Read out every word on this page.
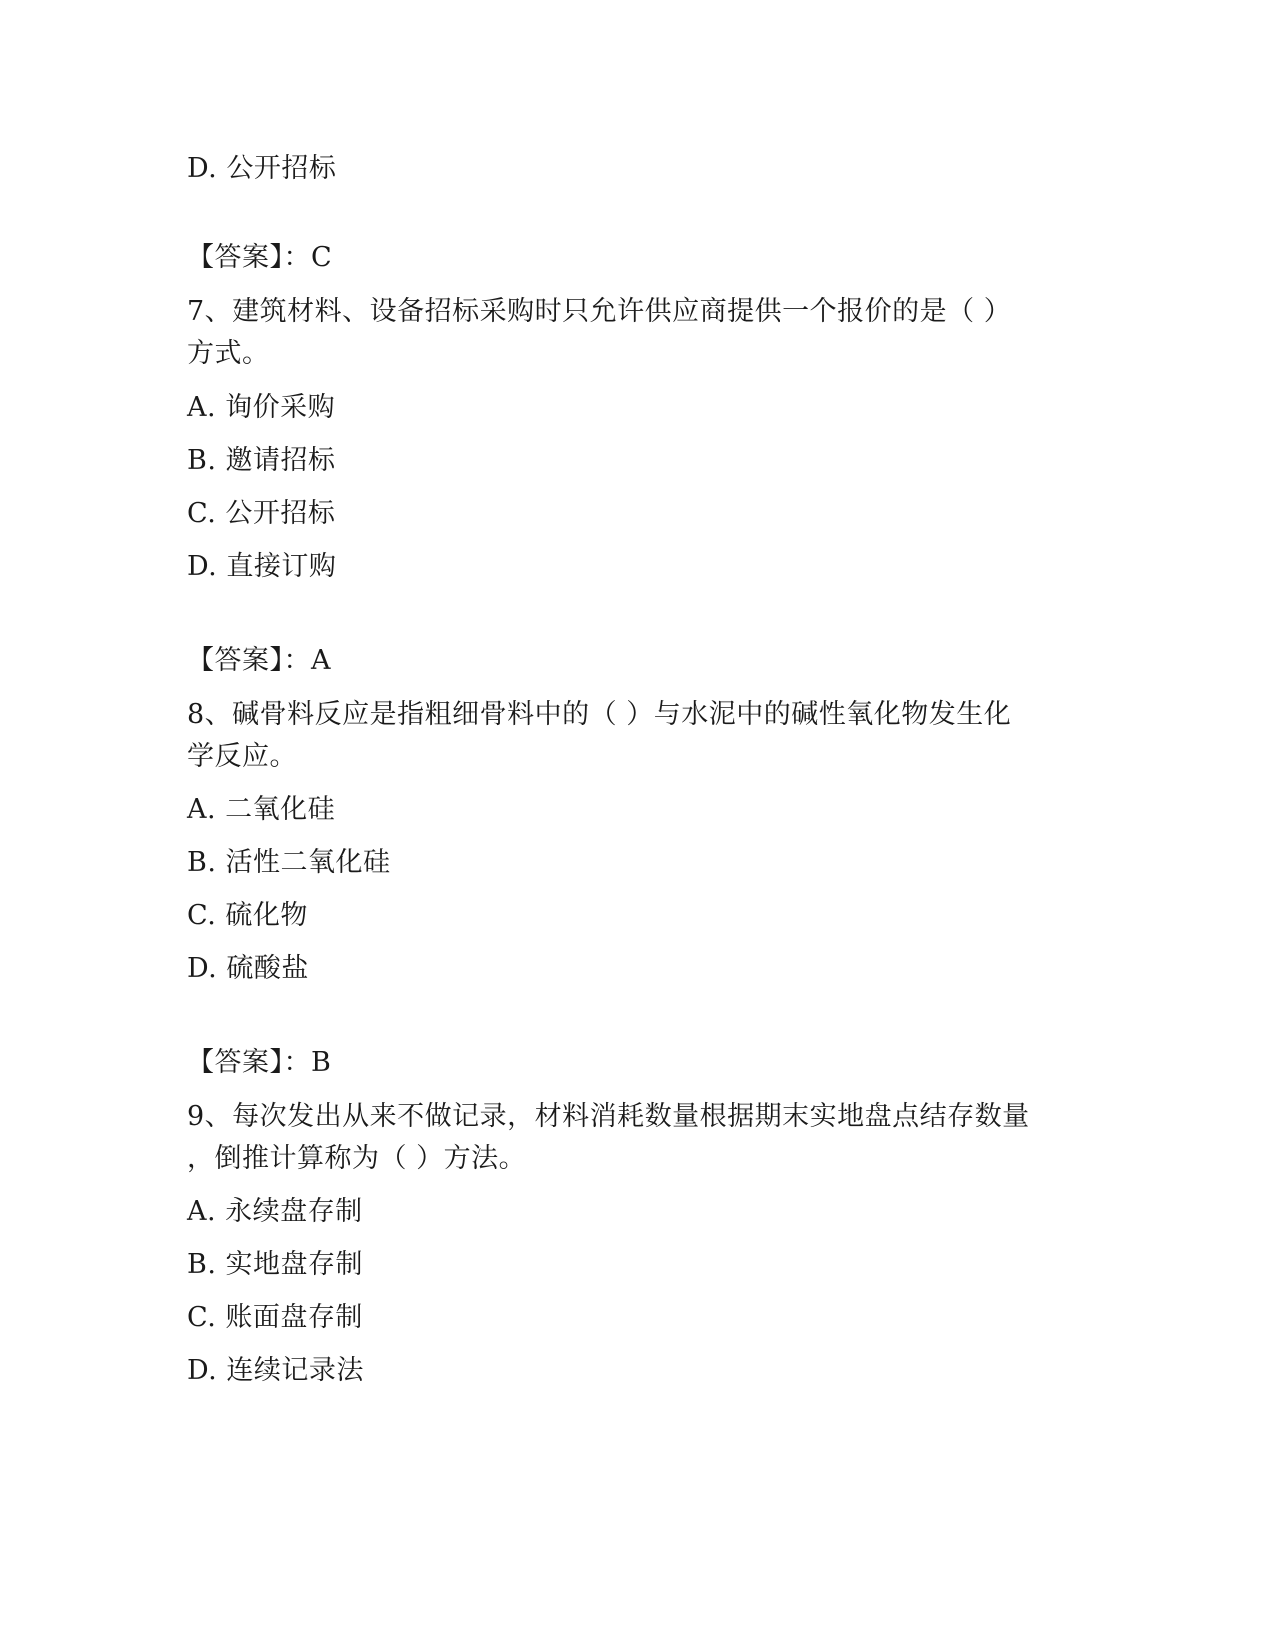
D. 公开招标
【答案】：C
7、建筑材料、设备招标采购时只允许供应商提供一个报价的是（ ）
方式。
A. 询价采购
B. 邀请招标
C. 公开招标
D. 直接订购
【答案】：A
8、碱骨料反应是指粗细骨料中的（ ）与水泥中的碱性氧化物发生化
学反应。
A. 二氧化硅
B. 活性二氧化硅
C. 硫化物
D. 硫酸盐
【答案】：B
9、每次发出从来不做记录，材料消耗数量根据期末实地盘点结存数量
，倒推计算称为（ ）方法。
A. 永续盘存制
B. 实地盘存制
C. 账面盘存制
D. 连续记录法
